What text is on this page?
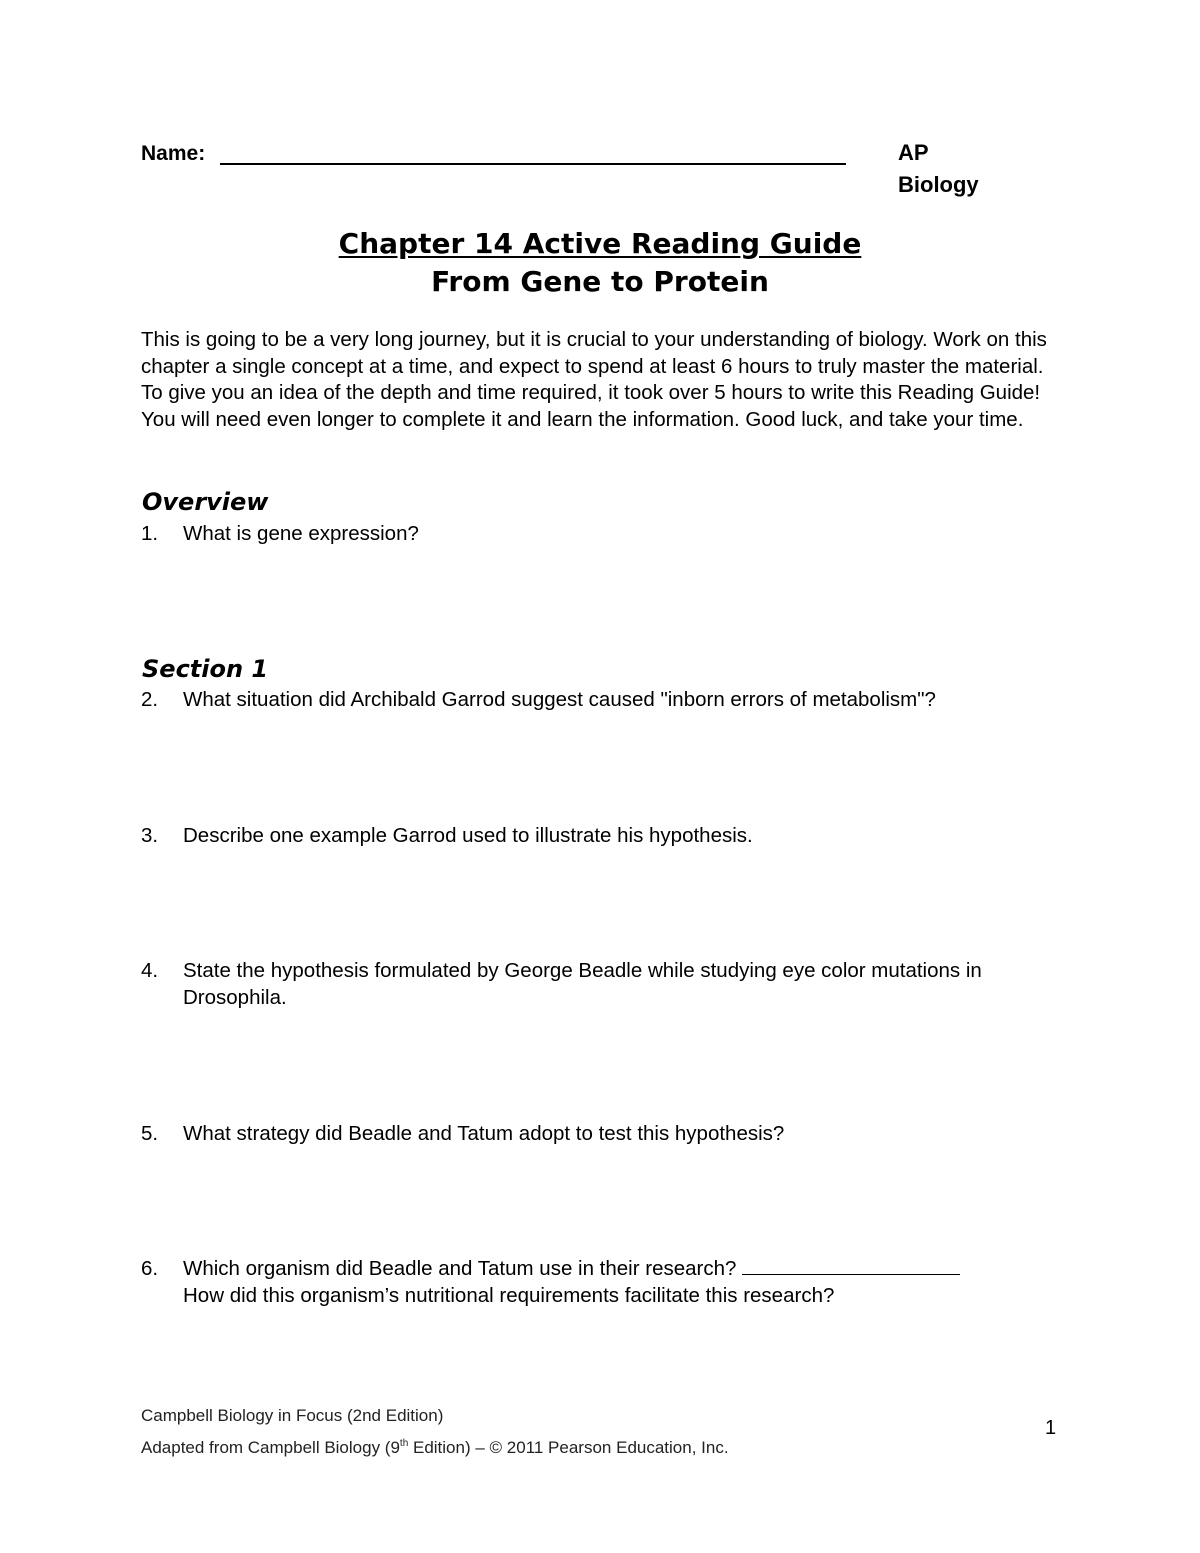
Name:	AP
Biology
Chapter 14 Active Reading Guide
From Gene to Protein
This is going to be a very long journey, but it is crucial to your understanding of biology. Work on this chapter a single concept at a time, and expect to spend at least 6 hours to truly master the material. To give you an idea of the depth and time required, it took over 5 hours to write this Reading Guide! You will need even longer to complete it and learn the information. Good luck, and take your time.
Overview
1.	What is gene expression?
Section 1
2.	What situation did Archibald Garrod suggest caused "inborn errors of metabolism"?
3.	Describe one example Garrod used to illustrate his hypothesis.
4.	State the hypothesis formulated by George Beadle while studying eye color mutations in Drosophila.
5.	What strategy did Beadle and Tatum adopt to test this hypothesis?
6.	Which organism did Beadle and Tatum use in their research?
How did this organism’s nutritional requirements facilitate this research?
Campbell Biology in Focus (2nd Edition)
Adapted from Campbell Biology (9th Edition) – © 2011 Pearson Education, Inc.
1
